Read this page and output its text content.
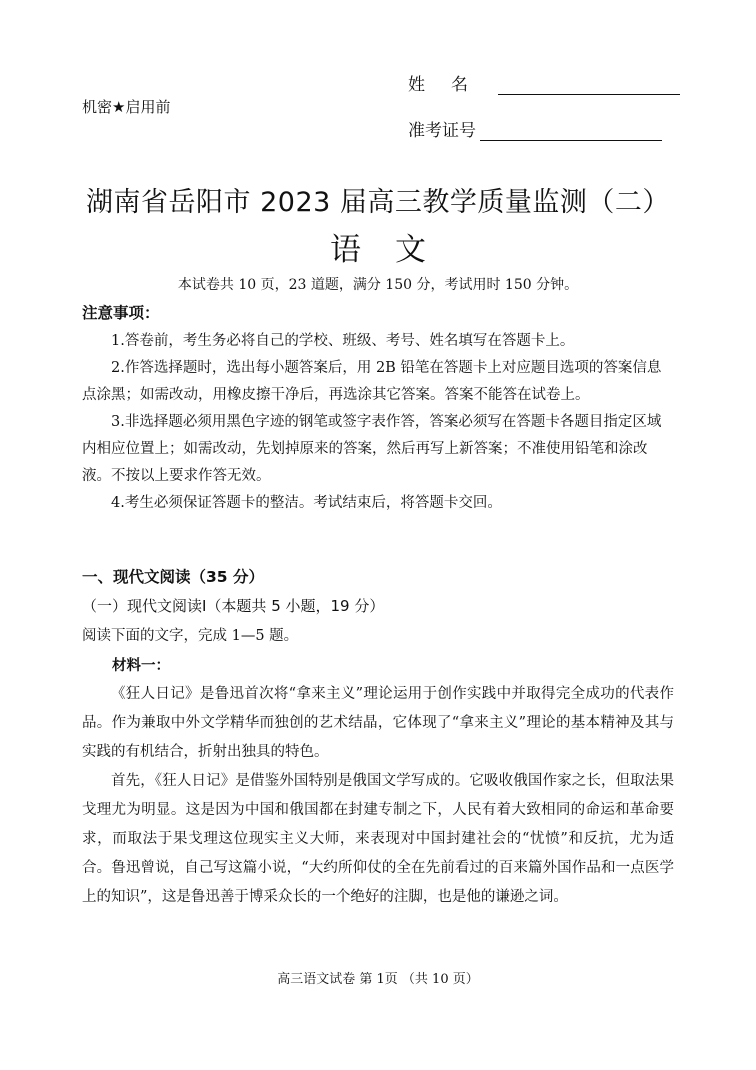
机密★启用前
姓名
准考证号
湖南省岳阳市 2023 届高三教学质量监测（二）
语文
本试卷共 10 页，23 道题，满分 150 分，考试用时 150 分钟。
注意事项：

1.答卷前，考生务必将自己的学校、班级、考号、姓名填写在答题卡上。

2.作答选择题时，选出每小题答案后，用 2B 铅笔在答题卡上对应题目选项的答案信息点涂黑；如需改动，用橡皮擦干净后，再选涂其它答案。答案不能答在试卷上。

3.非选择题必须用黑色字迹的钢笔或签字表作答，答案必须写在答题卡各题目指定区域内相应位置上；如需改动，先划掉原来的答案，然后再写上新答案；不准使用铅笔和涂改液。不按以上要求作答无效。

4.考生必须保证答题卡的整洁。考试结束后，将答题卡交回。

一、现代文阅读（35 分）
（一）现代文阅读Ⅰ（本题共 5 小题，19 分）
阅读下面的文字，完成 1—5 题。
材料一：

《狂人日记》是鲁迅首次将“拿来主义”理论运用于创作实践中并取得完全成功的代表作品。作为兼取中外文学精华而独创的艺术结晶，它体现了“拿来主义”理论的基本精神及其与实践的有机结合，折射出独具的特色。

首先，《狂人日记》是借鉴外国特别是俄国文学写成的。它吸收俄国作家之长，但取法果戈理尤为明显。这是因为中国和俄国都在封建专制之下，人民有着大致相同的命运和革命要求，而取法于果戈理这位现实主义大师，来表现对中国封建社会的“忧愤”和反抗，尤为适合。鲁迅曾说，自己写这篇小说，“大约所仰仗的全在先前看过的百来篇外国作品和一点医学上的知识”，这是鲁迅善于博采众长的一个绝好的注脚，也是他的谦逊之词。

高三语文试卷 第 1页 （共 10 页）
